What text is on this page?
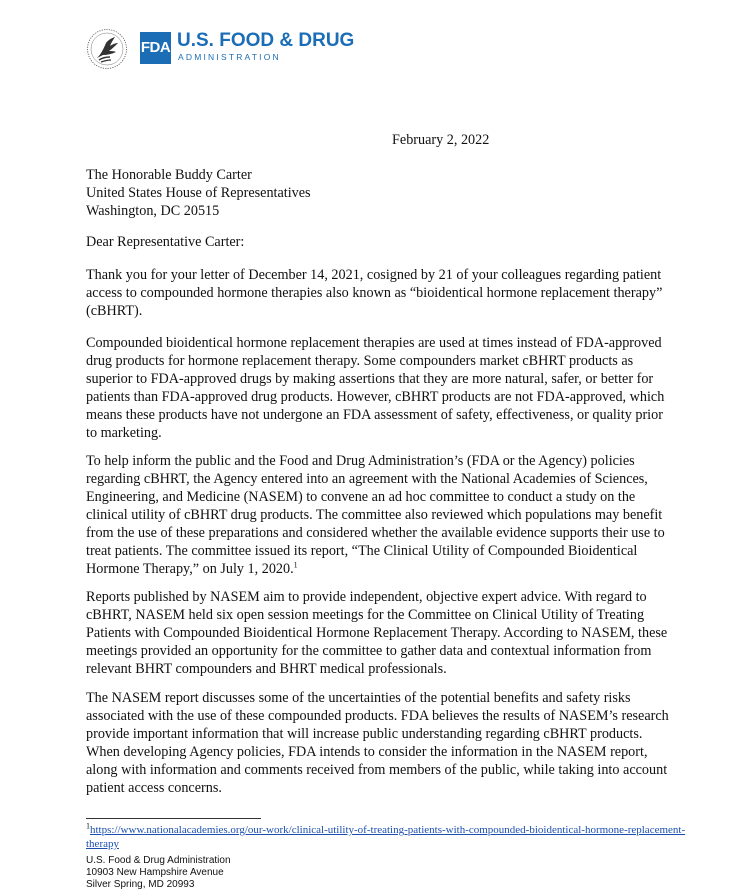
FDA U.S. FOOD & DRUG
ADMINISTRATION
February 2, 2022
The Honorable Buddy Carter
United States House of Representatives
Washington, DC 20515
Dear Representative Carter:

Thank you for your letter of December 14, 2021, cosigned by 21 of your colleagues regarding patient access to compounded hormone therapies also known as “bioidentical hormone replacement therapy” (cBHRT).

Compounded bioidentical hormone replacement therapies are used at times instead of FDA-approved drug products for hormone replacement therapy. Some compounders market cBHRT products as superior to FDA-approved drugs by making assertions that they are more natural, safer, or better for patients than FDA-approved drug products. However, cBHRT products are not FDA-approved, which means these products have not undergone an FDA assessment of safety, effectiveness, or quality prior to marketing.

To help inform the public and the Food and Drug Administration’s (FDA or the Agency) policies regarding cBHRT, the Agency entered into an agreement with the National Academies of Sciences, Engineering, and Medicine (NASEM) to convene an ad hoc committee to conduct a study on the clinical utility of cBHRT drug products. The committee also reviewed which populations may benefit from the use of these preparations and considered whether the available evidence supports their use to treat patients. The committee issued its report, “The Clinical Utility of Compounded Bioidentical Hormone Therapy,” on July 1, 2020.$^1$

Reports published by NASEM aim to provide independent, objective expert advice. With regard to cBHRT, NASEM held six open session meetings for the Committee on Clinical Utility of Treating Patients with Compounded Bioidentical Hormone Replacement Therapy. According to NASEM, these meetings provided an opportunity for the committee to gather data and contextual information from relevant BHRT compounders and BHRT medical professionals.

The NASEM report discusses some of the uncertainties of the potential benefits and safety risks associated with the use of these compounded products. FDA believes the results of NASEM’s research provide important information that will increase public understanding regarding cBHRT products. When developing Agency policies, FDA intends to consider the information in the NASEM report, along with information and comments received from members of the public, while taking into account patient access concerns.

$^1$https://www.nationalacademies.org/our-work/clinical-utility-of-treating-patients-with-compounded-bioidentical-hormone-replacement-therapy
U.S. Food & Drug Administration
10903 New Hampshire Avenue
Silver Spring, MD 20993
